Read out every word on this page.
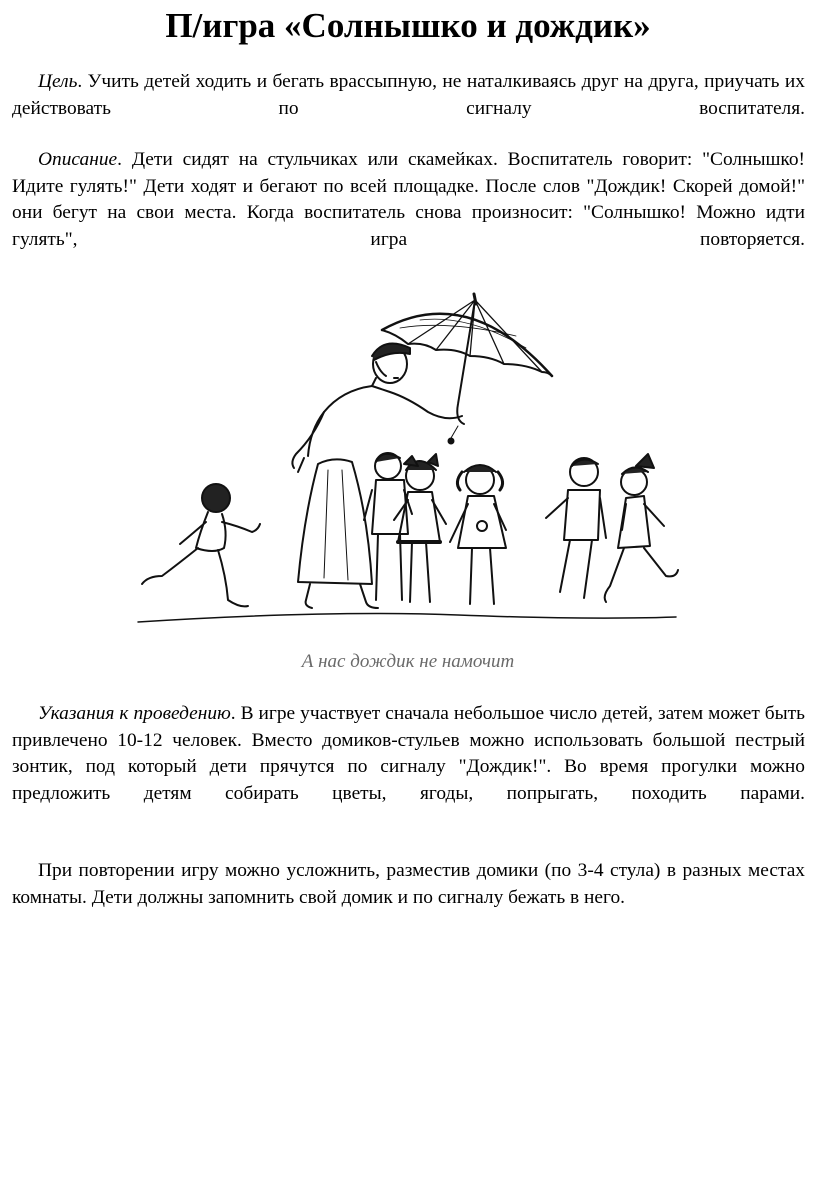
П/игра «Солнышко и дождик»

Цель. Учить детей ходить и бегать врассыпную, не наталкиваясь друг на друга, приучать их действовать по сигналу воспитателя.

Описание. Дети сидят на стульчиках или скамейках. Воспитатель говорит: "Солнышко! Идите гулять!" Дети ходят и бегают по всей площадке. После слов "Дождик! Скорей домой!" они бегут на свои места. Когда воспитатель снова произносит: "Солнышко! Можно идти гулять", игра повторяется.

А нас дождик не намочит

Указания к проведению. В игре участвует сначала небольшое число детей, затем может быть привлечено 10-12 человек. Вместо домиков-стульев можно использовать большой пестрый зонтик, под который дети прячутся по сигналу "Дождик!". Во время прогулки можно предложить детям собирать цветы, ягоды, попрыгать, походить парами.

При повторении игру можно усложнить, разместив домики (по 3-4 стула) в разных местах комнаты. Дети должны запомнить свой домик и по сигналу бежать в него.
